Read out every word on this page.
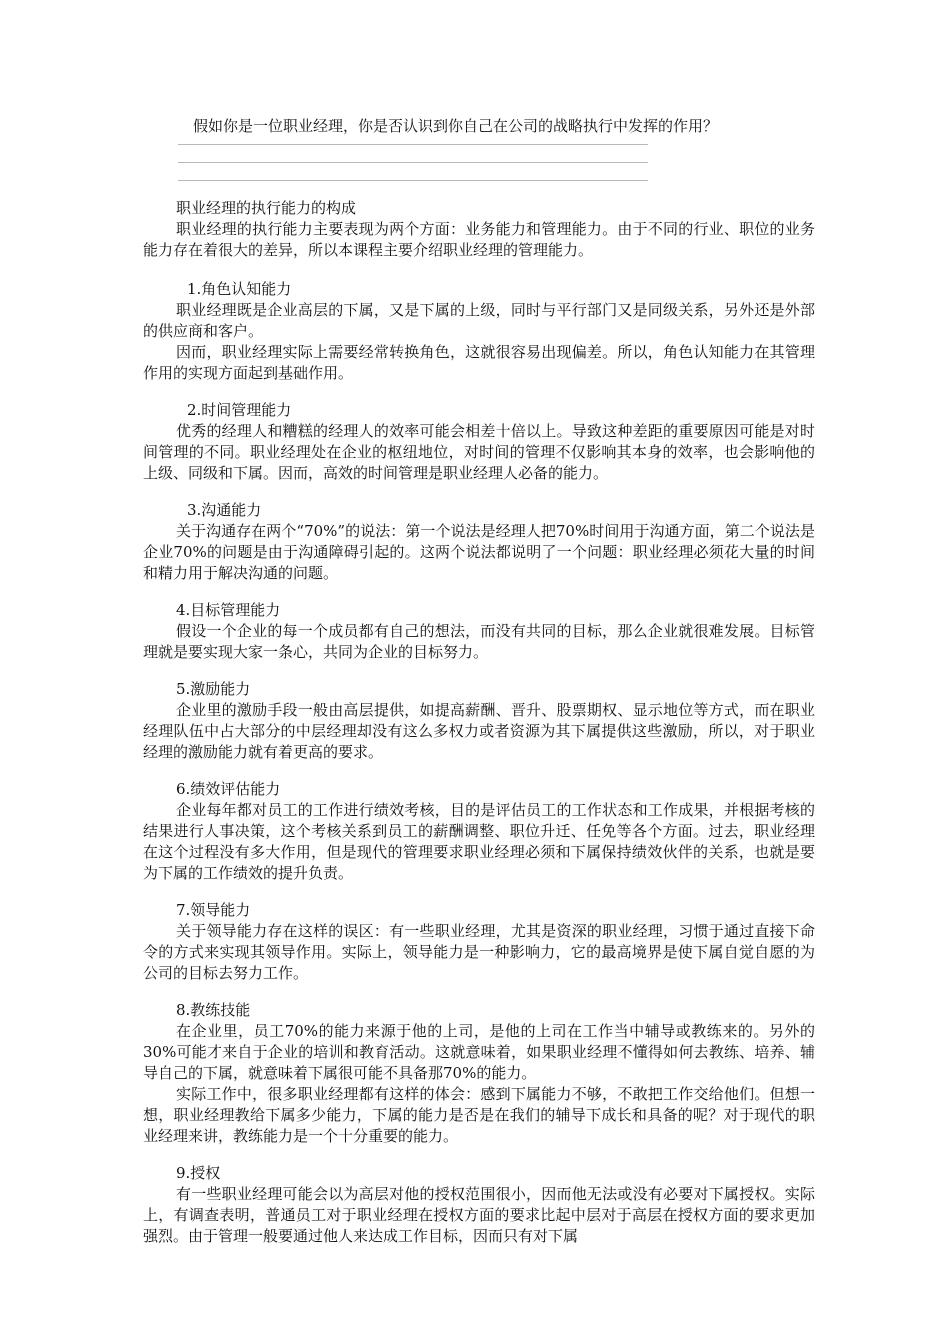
假如你是一位职业经理，你是否认识到你自己在公司的战略执行中发挥的作用？

职业经理的执行能力的构成

职业经理的执行能力主要表现为两个方面：业务能力和管理能力。由于不同的行业、职位的业务能力存在着很大的差异，所以本课程主要介绍职业经理的管理能力。

1.角色认知能力

职业经理既是企业高层的下属，又是下属的上级，同时与平行部门又是同级关系，另外还是外部的供应商和客户。

因而，职业经理实际上需要经常转换角色，这就很容易出现偏差。所以，角色认知能力在其管理作用的实现方面起到基础作用。

2.时间管理能力

优秀的经理人和糟糕的经理人的效率可能会相差十倍以上。导致这种差距的重要原因可能是对时间管理的不同。职业经理处在企业的枢纽地位，对时间的管理不仅影响其本身的效率，也会影响他的上级、同级和下属。因而，高效的时间管理是职业经理人必备的能力。

3.沟通能力

关于沟通存在两个“70%”的说法：第一个说法是经理人把70%时间用于沟通方面，第二个说法是企业70%的问题是由于沟通障碍引起的。这两个说法都说明了一个问题：职业经理必须花大量的时间和精力用于解决沟通的问题。

4.目标管理能力

假设一个企业的每一个成员都有自己的想法，而没有共同的目标，那么企业就很难发展。目标管理就是要实现大家一条心，共同为企业的目标努力。

5.激励能力

企业里的激励手段一般由高层提供，如提高薪酬、晋升、股票期权、显示地位等方式，而在职业经理队伍中占大部分的中层经理却没有这么多权力或者资源为其下属提供这些激励，所以，对于职业经理的激励能力就有着更高的要求。

6.绩效评估能力

企业每年都对员工的工作进行绩效考核，目的是评估员工的工作状态和工作成果，并根据考核的结果进行人事决策，这个考核关系到员工的薪酬调整、职位升迁、任免等各个方面。过去，职业经理在这个过程没有多大作用，但是现代的管理要求职业经理必须和下属保持绩效伙伴的关系，也就是要为下属的工作绩效的提升负责。

7.领导能力

关于领导能力存在这样的误区：有一些职业经理，尤其是资深的职业经理，习惯于通过直接下命令的方式来实现其领导作用。实际上，领导能力是一种影响力，它的最高境界是使下属自觉自愿的为公司的目标去努力工作。

8.教练技能

在企业里，员工70%的能力来源于他的上司，是他的上司在工作当中辅导或教练来的。另外的30%可能才来自于企业的培训和教育活动。这就意味着，如果职业经理不懂得如何去教练、培养、辅导自己的下属，就意味着下属很可能不具备那70%的能力。

实际工作中，很多职业经理都有这样的体会：感到下属能力不够，不敢把工作交给他们。但想一想，职业经理教给下属多少能力，下属的能力是否是在我们的辅导下成长和具备的呢？对于现代的职业经理来讲，教练能力是一个十分重要的能力。

9.授权

有一些职业经理可能会以为高层对他的授权范围很小，因而他无法或没有必要对下属授权。实际上，有调查表明，普通员工对于职业经理在授权方面的要求比起中层对于高层在授权方面的要求更加强烈。由于管理一般要通过他人来达成工作目标，因而只有对下属
